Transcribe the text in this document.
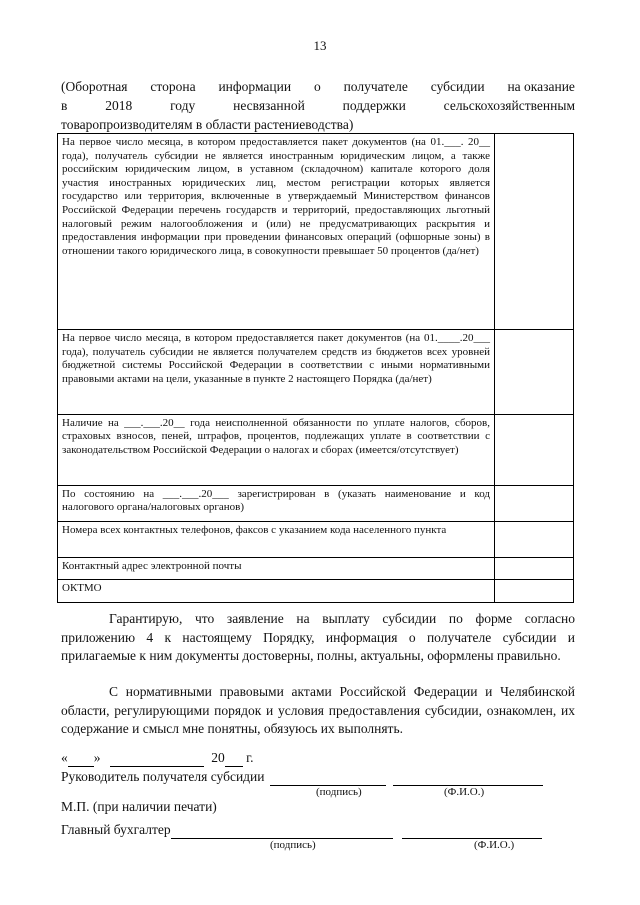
13
(Оборотная сторона информации о получателе субсидии на оказание
в	2018	году	несвязанной	поддержки	сельскохозяйственным
товаропроизводителям в области растениеводства)
На первое число месяца, в котором предоставляется пакет документов (на 01.___. 20__ года), получатель субсидии не является иностранным юридическим лицом, а также российским юридическим лицом, в уставном (складочном) капитале которого доля участия иностранных юридических лиц, местом регистрации которых является государство или территория, включенные в утверждаемый Министерством финансов Российской Федерации перечень государств и территорий, предоставляющих льготный налоговый режим налогообложения и (или) не предусматривающих раскрытия и предоставления информации при проведении финансовых операций (офшорные зоны) в отношении такого юридического лица, в совокупности превышает 50 процентов (да/нет)	
На первое число месяца, в котором предоставляется пакет документов (на 01.____.20___ года), получатель субсидии не является получателем средств из бюджетов всех уровней бюджетной системы Российской Федерации в соответствии с иными нормативными правовыми актами на цели, указанные в пункте 2 настоящего Порядка (да/нет)	
Наличие на ___.___.20__ года неисполненной обязанности по уплате налогов, сборов, страховых взносов, пеней, штрафов, процентов, подлежащих уплате в соответствии с законодательством Российской Федерации о налогах и сборах (имеется/отсутствует)	
По состоянию на ___.___.20___ зарегистрирован в (указать наименование и код налогового органа/налоговых органов)	
Номера всех контактных телефонов, факсов с указанием кода населенного пункта	
Контактный адрес электронной почты	
ОКТМО	
Гарантирую, что заявление на выплату субсидии по форме согласно приложению 4 к настоящему Порядку, информация о получателе субсидии и прилагаемые к ним документы достоверны, полны, актуальны, оформлены правильно.
С нормативными правовыми актами Российской Федерации и Челябинской области, регулирующими порядок и условия предоставления субсидии, ознакомлен, их содержание и смысл мне понятны, обязуюсь их выполнять.
« »	20 г.
Руководитель получателя субсидии
(подпись)	(Ф.И.О.)
М.П. (при наличии печати)
Главный бухгалтер
(подпись)	(Ф.И.О.)
